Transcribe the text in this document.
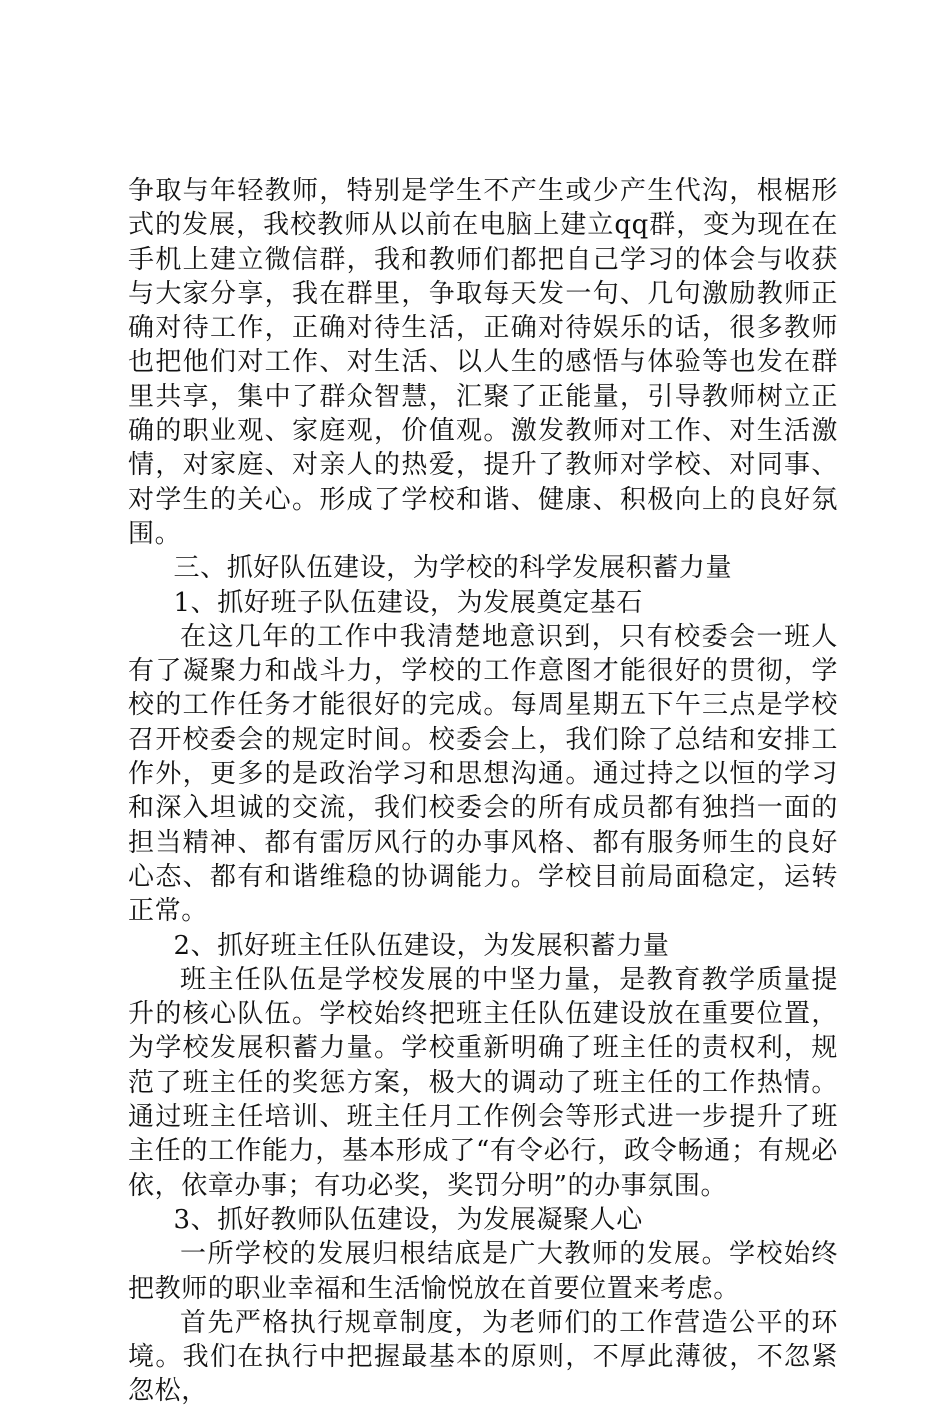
争取与年轻教师，特别是学生不产生或少产生代沟，根椐形式的发展，我校教师从以前在电脑上建立qq群，变为现在在手机上建立微信群，我和教师们都把自己学习的体会与收获与大家分享，我在群里，争取每天发一句、几句激励教师正确对待工作，正确对待生活，正确对待娱乐的话，很多教师也把他们对工作、对生活、以人生的感悟与体验等也发在群里共享，集中了群众智慧，汇聚了正能量，引导教师树立正确的职业观、家庭观，价值观。激发教师对工作、对生活激情，对家庭、对亲人的热爱，提升了教师对学校、对同事、对学生的关心。形成了学校和谐、健康、积极向上的良好氛围。

三、抓好队伍建设，为学校的科学发展积蓄力量

1、抓好班子队伍建设，为发展奠定基石

在这几年的工作中我清楚地意识到，只有校委会一班人有了凝聚力和战斗力，学校的工作意图才能很好的贯彻，学校的工作任务才能很好的完成。每周星期五下午三点是学校召开校委会的规定时间。校委会上，我们除了总结和安排工作外，更多的是政治学习和思想沟通。通过持之以恒的学习和深入坦诚的交流，我们校委会的所有成员都有独挡一面的担当精神、都有雷厉风行的办事风格、都有服务师生的良好心态、都有和谐维稳的协调能力。学校目前局面稳定，运转正常。

2、抓好班主任队伍建设，为发展积蓄力量

班主任队伍是学校发展的中坚力量，是教育教学质量提升的核心队伍。学校始终把班主任队伍建设放在重要位置，为学校发展积蓄力量。学校重新明确了班主任的责权利，规范了班主任的奖惩方案，极大的调动了班主任的工作热情。通过班主任培训、班主任月工作例会等形式进一步提升了班主任的工作能力，基本形成了“有令必行，政令畅通；有规必依，依章办事；有功必奖，奖罚分明”的办事氛围。

3、抓好教师队伍建设，为发展凝聚人心

一所学校的发展归根结底是广大教师的发展。学校始终把教师的职业幸福和生活愉悦放在首要位置来考虑。

首先严格执行规章制度，为老师们的工作营造公平的环境。我们在执行中把握最基本的原则，不厚此薄彼，不忽紧忽松，
